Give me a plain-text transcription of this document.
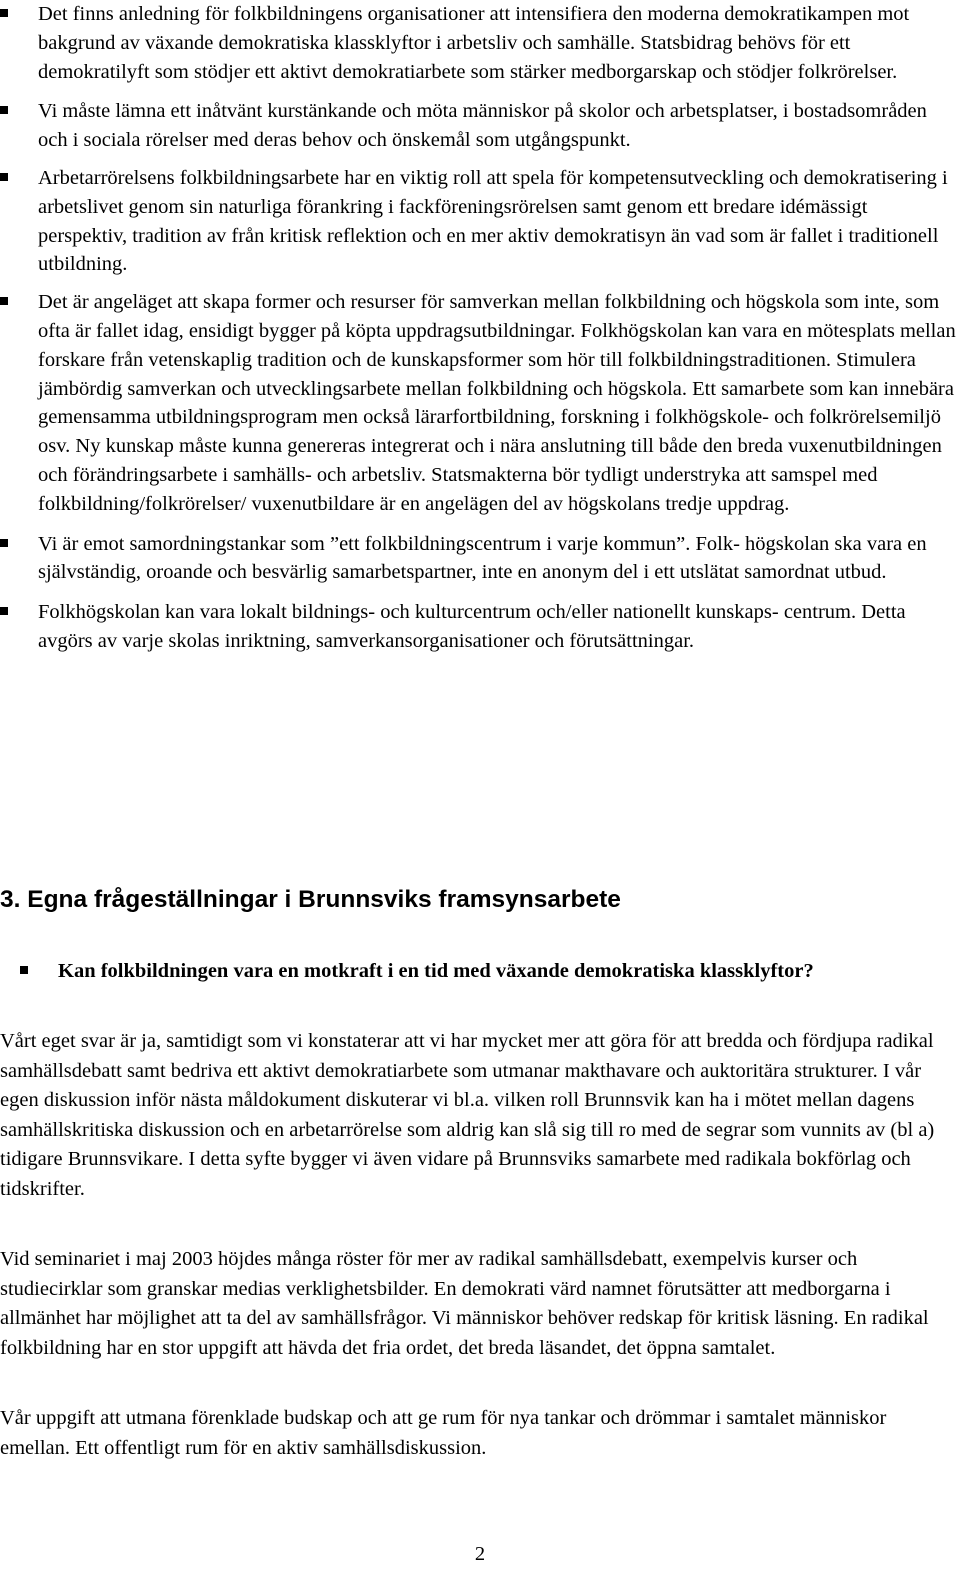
Det finns anledning för folkbildningens organisationer att intensifiera den moderna demokratikampen mot bakgrund av växande demokratiska klassklyftor i arbetsliv och samhälle. Statsbidrag behövs för ett demokratilyft som stödjer ett aktivt demokratiarbete som stärker medborgarskap och stödjer folkrörelser.
Vi måste lämna ett inåtvänt kurstänkande och möta människor på skolor och arbetsplatser, i bostadsområden och i sociala rörelser med deras behov och önskemål som utgångspunkt.
Arbetarrörelsens folkbildningsarbete har en viktig roll att spela för kompetensutveckling och demokratisering i arbetslivet genom sin naturliga förankring i fackföreningsrörelsen samt genom ett bredare idémässigt perspektiv, tradition av från kritisk reflektion och en mer aktiv demokratisyn än vad som är fallet i traditionell utbildning.
Det är angeläget att skapa former och resurser för samverkan mellan folkbildning och högskola som inte, som ofta är fallet idag, ensidigt bygger på köpta uppdragsutbildningar. Folkhögskolan kan vara en mötesplats mellan forskare från vetenskaplig tradition och de kunskapsformer som hör till folkbildningstraditionen. Stimulera jämbördig samverkan och utvecklingsarbete mellan folkbildning och högskola. Ett samarbete som kan innebära gemensamma utbildningsprogram men också lärarfortbildning, forskning i folkhögskole- och folkrörelsemiljö osv. Ny kunskap måste kunna genereras integrerat och i nära anslutning till både den breda vuxenutbildningen och förändringsarbete i samhälls- och arbetsliv. Statsmakterna bör tydligt understryka att samspel med folkbildning/folkrörelser/ vuxenutbildare är en angelägen del av högskolans tredje uppdrag.
Vi är emot samordningstankar som ”ett folkbildningscentrum i varje kommun”. Folk- högskolan ska vara en självständig, oroande och besvärlig samarbetspartner, inte en anonym del i ett utslätat samordnat utbud.
Folkhögskolan kan vara lokalt bildnings- och kulturcentrum och/eller nationellt kunskaps- centrum. Detta avgörs av varje skolas inriktning, samverkansorganisationer och förutsättningar.
3. Egna frågeställningar i Brunnsviks framsynsarbete
Kan folkbildningen vara en motkraft i en tid med växande demokratiska klassklyftor?

Vårt eget svar är ja, samtidigt som vi konstaterar att vi har mycket mer att göra för att bredda och fördjupa radikal samhällsdebatt samt bedriva ett aktivt demokratiarbete som utmanar makthavare och auktoritära strukturer. I vår egen diskussion inför nästa måldokument diskuterar vi bl.a. vilken roll Brunnsvik kan ha i mötet mellan dagens samhällskritiska diskussion och en arbetarrörelse som aldrig kan slå sig till ro med de segrar som vunnits av (bl a) tidigare Brunnsvikare. I detta syfte bygger vi även vidare på Brunnsviks samarbete med radikala bokförlag och tidskrifter.

Vid seminariet i maj 2003 höjdes många röster för mer av radikal samhällsdebatt, exempelvis kurser och studiecirklar som granskar medias verklighetsbilder. En demokrati värd namnet förutsätter att medborgarna i allmänhet har möjlighet att ta del av samhällsfrågor. Vi människor behöver redskap för kritisk läsning. En radikal folkbildning har en stor uppgift att hävda det fria ordet, det breda läsandet, det öppna samtalet.

Vår uppgift att utmana förenklade budskap och att ge rum för nya tankar och drömmar i samtalet människor emellan. Ett offentligt rum för en aktiv samhällsdiskussion.

2
